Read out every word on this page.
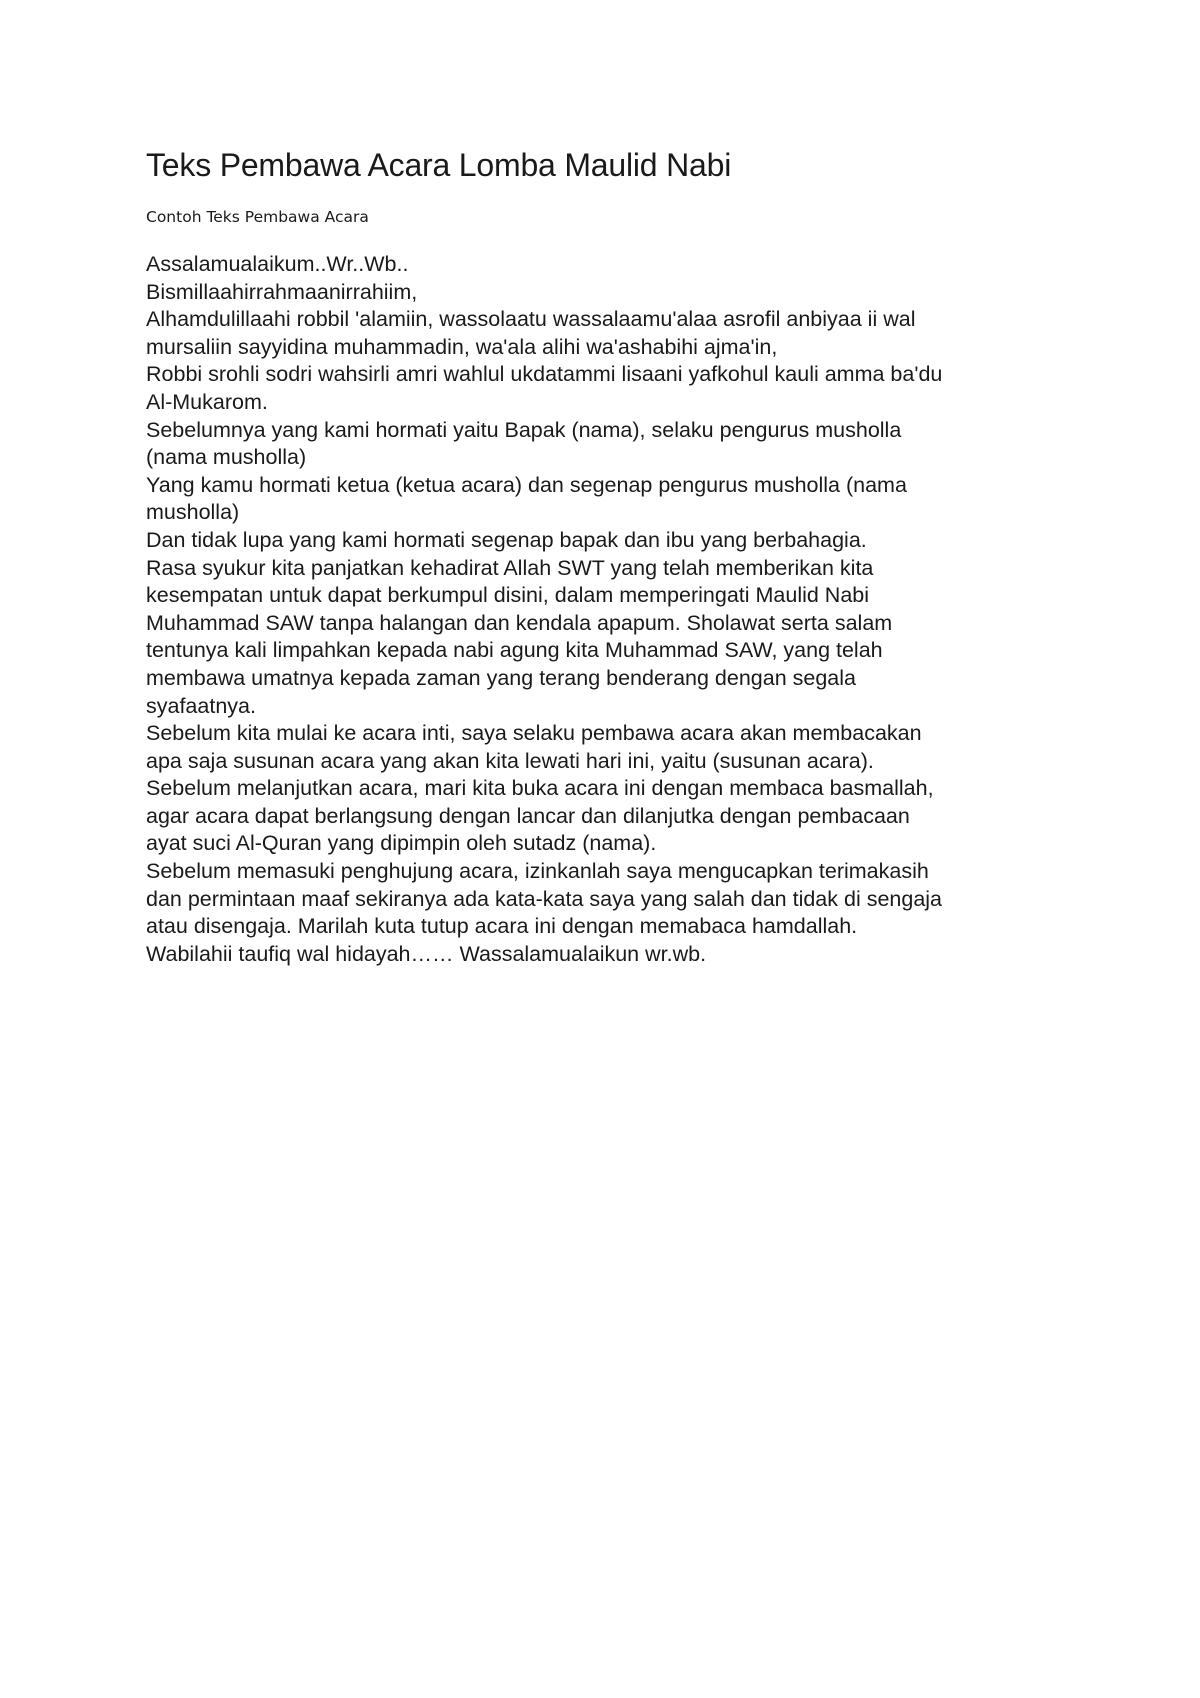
Teks Pembawa Acara Lomba Maulid Nabi
Contoh Teks Pembawa Acara

Assalamualaikum..Wr..Wb..

Bismillaahirrahmaanirrahiim,

Alhamdulillaahi robbil 'alamiin, wassolaatu wassalaamu'alaa asrofil anbiyaa ii wal

mursaliin sayyidina muhammadin, wa'ala alihi wa'ashabihi ajma'in,

Robbi srohli sodri wahsirli amri wahlul ukdatammi lisaani yafkohul kauli amma ba'du

Al-Mukarom.

Sebelumnya yang kami hormati yaitu Bapak (nama), selaku pengurus musholla

(nama musholla)

Yang kamu hormati ketua (ketua acara) dan segenap pengurus musholla (nama

musholla)

Dan tidak lupa yang kami hormati segenap bapak dan ibu yang berbahagia.

Rasa syukur kita panjatkan kehadirat Allah SWT yang telah memberikan kita

kesempatan untuk dapat berkumpul disini, dalam memperingati Maulid Nabi

Muhammad SAW tanpa halangan dan kendala apapum. Sholawat serta salam

tentunya kali limpahkan kepada nabi agung kita Muhammad SAW, yang telah

membawa umatnya kepada zaman yang terang benderang dengan segala

syafaatnya.

Sebelum kita mulai ke acara inti, saya selaku pembawa acara akan membacakan

apa saja susunan acara yang akan kita lewati hari ini, yaitu (susunan acara).

Sebelum melanjutkan acara, mari kita buka acara ini dengan membaca basmallah,

agar acara dapat berlangsung dengan lancar dan dilanjutka dengan pembacaan

ayat suci Al-Quran yang dipimpin oleh sutadz (nama).

Sebelum memasuki penghujung acara, izinkanlah saya mengucapkan terimakasih

dan permintaan maaf sekiranya ada kata-kata saya yang salah dan tidak di sengaja

atau disengaja. Marilah kuta tutup acara ini dengan memabaca hamdallah.

Wabilahii taufiq wal hidayah…… Wassalamualaikun wr.wb.
